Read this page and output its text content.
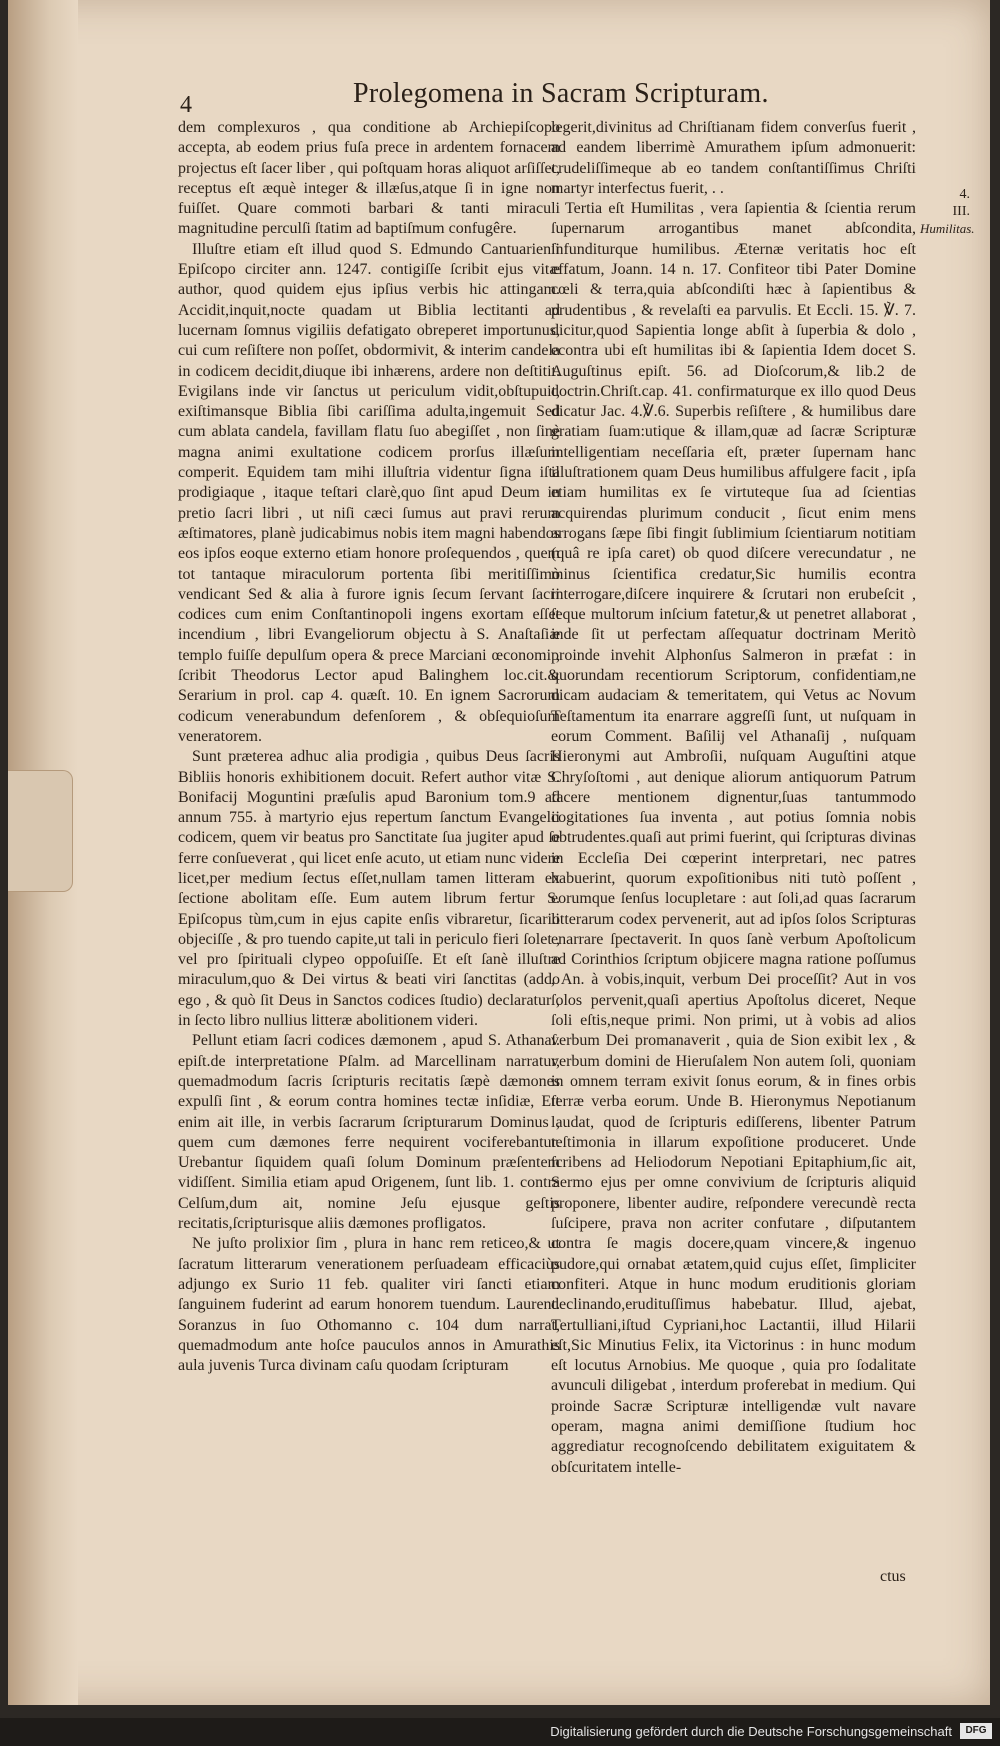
4	Prolegomena in Sacram Scripturam.

dem complexuros , qua conditione ab Archiepiſcopo accepta, ab eodem prius fuſa prece in ardentem fornacem projectus eſt ſacer liber , qui poſtquam horas aliquot arſiſſet, receptus eſt æquè integer & illæſus,atque ſi in igne non fuiſſet. Quare commoti barbari & tanti miraculi magnitudine perculſi ſtatim ad baptiſmum confugêre.

Illuſtre etiam eſt illud quod S. Edmundo Cantuarienſi Epiſcopo circiter ann. 1247. contigiſſe ſcribit ejus vitæ author, quod quidem ejus ipſius verbis hic attingam. Accidit,inquit,nocte quadam ut Biblia lectitanti ad lucernam ſomnus vigiliis defatigato obreperet importunus, cui cum reſiſtere non poſſet, obdormivit, & interim candela in codicem decidit,diuque ibi inhærens, ardere non deſtitit. Evigilans inde vir ſanctus ut periculum vidit,obſtupuit, exiſtimansque Biblia ſibi cariſſima adulta,ingemuit Sed cum ablata candela, favillam flatu ſuo abegiſſet , non ſinè magna animi exultatione codicem prorſus illæſum comperit. Equidem tam mihi illuſtria videntur ſigna iſta prodigiaque , itaque teſtari clarè,quo ſint apud Deum in pretio ſacri libri , ut niſi cæci ſumus aut pravi rerum æſtimatores, planè judicabimus nobis item magni habendos eos ipſos eoque externo etiam honore proſequendos , quem tot tantaque miraculorum portenta ſibi meritiſſimò vendicant Sed & alia à furore ignis ſecum ſervant ſacri codices cum enim Conſtantinopoli ingens exortam eſſet incendium , libri Evangeliorum objectu à S. Anaſtaſiæ templo fuiſſe depulſum opera & prece Marciani œconomi , ſcribit Theodorus Lector apud Balinghem loc.cit.& Serarium in prol. cap 4. quæſt. 10. En ignem Sacrorum codicum venerabundum defenſorem , & obſequioſum veneratorem.

Sunt præterea adhuc alia prodigia , quibus Deus ſacris Bibliis honoris exhibitionem docuit. Refert author vitæ S. Bonifacij Moguntini præſulis apud Baronium tom.9 ad annum 755. à martyrio ejus repertum ſanctum Evangelii codicem, quem vir beatus pro Sanctitate ſua jugiter apud ſe ferre conſueverat , qui licet enſe acuto, ut etiam nunc videre licet,per medium ſectus eſſet,nullam tamen litteram ex ſectione abolitam eſſe. Eum autem librum fertur S. Epiſcopus tùm,cum in ejus capite enſis vibraretur, ſicario objeciſſe , & pro tuendo capite,ut tali in periculo fieri ſolet , vel pro ſpirituali clypeo oppoſuiſſe. Et eſt ſanè illuſtre miraculum,quo & Dei virtus & beati viri ſanctitas (addo ego , & quò ſit Deus in Sanctos codices ſtudio) declaratur , in ſecto libro nullius litteræ abolitionem videri.

Pellunt etiam ſacri codices dæmonem , apud S. Athanaſ. epiſt.de interpretatione Pſalm. ad Marcellinam narratur, quemadmodum ſacris ſcripturis recitatis ſæpè dæmones expulſi ſint , & eorum contra homines tectæ inſidiæ, Eſt enim ait ille, in verbis ſacrarum ſcripturarum Dominus , quem cum dæmones ferre nequirent vociferebantur. Urebantur ſiquidem quaſi ſolum Dominum præſentem vidiſſent. Similia etiam apud Origenem, ſunt lib. 1. contra Celſum,dum ait, nomine Jeſu ejusque geſtis recitatis,ſcripturisque aliis dæmones profligatos.

Ne juſto prolixior ſim , plura in hanc rem reticeo,& ut ſacratum litterarum venerationem perſuadeam efficaciùs adjungo ex Surio 11 feb. qualiter viri ſancti etiam ſanguinem fuderint ad earum honorem tuendum. Laurent. Soranzus in ſuo Othomanno c. 104 dum narrat, quemadmodum ante hoſce pauculos annos in Amurathis aula juvenis Turca divinam caſu quodam ſcripturam

legerit,divinitus ad Chriſtianam fidem converſus fuerit , ad eandem liberrimè Amurathem ipſum admonuerit: crudeliſſimeque ab eo tandem conſtantiſſimus Chriſti martyr interfectus fuerit, . .

Tertia eſt Humilitas , vera ſapientia & ſcientia rerum ſupernarum arrogantibus manet abſcondita, infunditurque humilibus. Æternæ veritatis hoc eſt effatum, Joann. 14 n. 17. Confiteor tibi Pater Domine cœli & terra,quia abſcondiſti hæc à ſapientibus & prudentibus , & revelaſti ea parvulis. Et Eccli. 15. ℣. 7. dicitur,quod Sapientia longe abſit à ſuperbia & dolo , econtra ubi eſt humilitas ibi & ſapientia Idem docet S. Auguſtinus epiſt. 56. ad Dioſcorum,& lib.2 de doctrin.Chriſt.cap. 41. confirmaturque ex illo quod Deus dicatur Jac. 4.℣.6. Superbis reſiſtere , & humilibus dare gratiam ſuam:utique & illam,quæ ad ſacræ Scripturæ intelligentiam neceſſaria eſt, præter ſupernam hanc illuſtrationem quam Deus humilibus affulgere facit , ipſa etiam humilitas ex ſe virtuteque ſua ad ſcientias acquirendas plurimum conducit , ſicut enim mens arrogans ſæpe ſibi fingit ſublimium ſcientiarum notitiam (quâ re ipſa caret) ob quod diſcere verecundatur , ne minus ſcientifica credatur,Sic humilis econtra interrogare,diſcere inquirere & ſcrutari non erubeſcit , ſeque multorum inſcium fatetur,& ut penetret allaborat , inde ſit ut perfectam aſſequatur doctrinam Meritò proinde invehit Alphonſus Salmeron in præfat : in quorundam recentiorum Scriptorum, confidentiam,ne dicam audaciam & temeritatem, qui Vetus ac Novum Teſtamentum ita enarrare aggreſſi ſunt, ut nuſquam in eorum Comment. Baſilij vel Athanaſij , nuſquam Hieronymi aut Ambroſii, nuſquam Auguſtini atque Chryſoſtomi , aut denique aliorum antiquorum Patrum facere mentionem dignentur,ſuas tantummodo cogitationes ſua inventa , aut potius ſomnia nobis obtrudentes.quaſi aut primi fuerint, qui ſcripturas divinas in Eccleſia Dei cœperint interpretari, nec patres habuerint, quorum expoſitionibus niti tutò poſſent , eorumque ſenſus locupletare : aut ſoli,ad quas ſacrarum litterarum codex pervenerit, aut ad ipſos ſolos Scripturas enarrare ſpectaverit. In quos ſanè verbum Apoſtolicum ad Corinthios ſcriptum objicere magna ratione poſſumus , An. à vobis,inquit, verbum Dei proceſſit? Aut in vos ſolos pervenit,quaſi apertius Apoſtolus diceret, Neque ſoli eſtis,neque primi. Non primi, ut à vobis ad alios verbum Dei promanaverit , quia de Sion exibit lex , & verbum domini de Hieruſalem Non autem ſoli, quoniam in omnem terram exivit ſonus eorum, & in fines orbis terræ verba eorum. Unde B. Hieronymus Nepotianum laudat, quod de ſcripturis ediſſerens, libenter Patrum teſtimonia in illarum expoſitione produceret. Unde ſcribens ad Heliodorum Nepotiani Epitaphium,ſic ait, Sermo ejus per omne convivium de ſcripturis aliquid proponere, libenter audire, reſpondere verecundè recta ſuſcipere, prava non acriter confutare , diſputantem contra ſe magis docere,quam vincere,& ingenuo pudore,qui ornabat ætatem,quid cujus eſſet, ſimpliciter confiteri. Atque in hunc modum eruditionis gloriam declinando,erudituſſimus habebatur. Illud, ajebat, Tertulliani,iſtud Cypriani,hoc Lactantii, illud Hilarii eſt,Sic Minutius Felix, ita Victorinus : in hunc modum eſt locutus Arnobius. Me quoque , quia pro ſodalitate avunculi diligebat , interdum proferebat in medium. Qui proinde Sacræ Scripturæ intelligendæ vult navare operam, magna animi demiſſione ſtudium hoc aggrediatur recognoſcendo debilitatem exiguitatem & obſcuritatem intelle-

4.
III.
Humilitas.
ctus
Digitalisierung gefördert durch die Deutsche Forschungsgemeinschaft	DFG
